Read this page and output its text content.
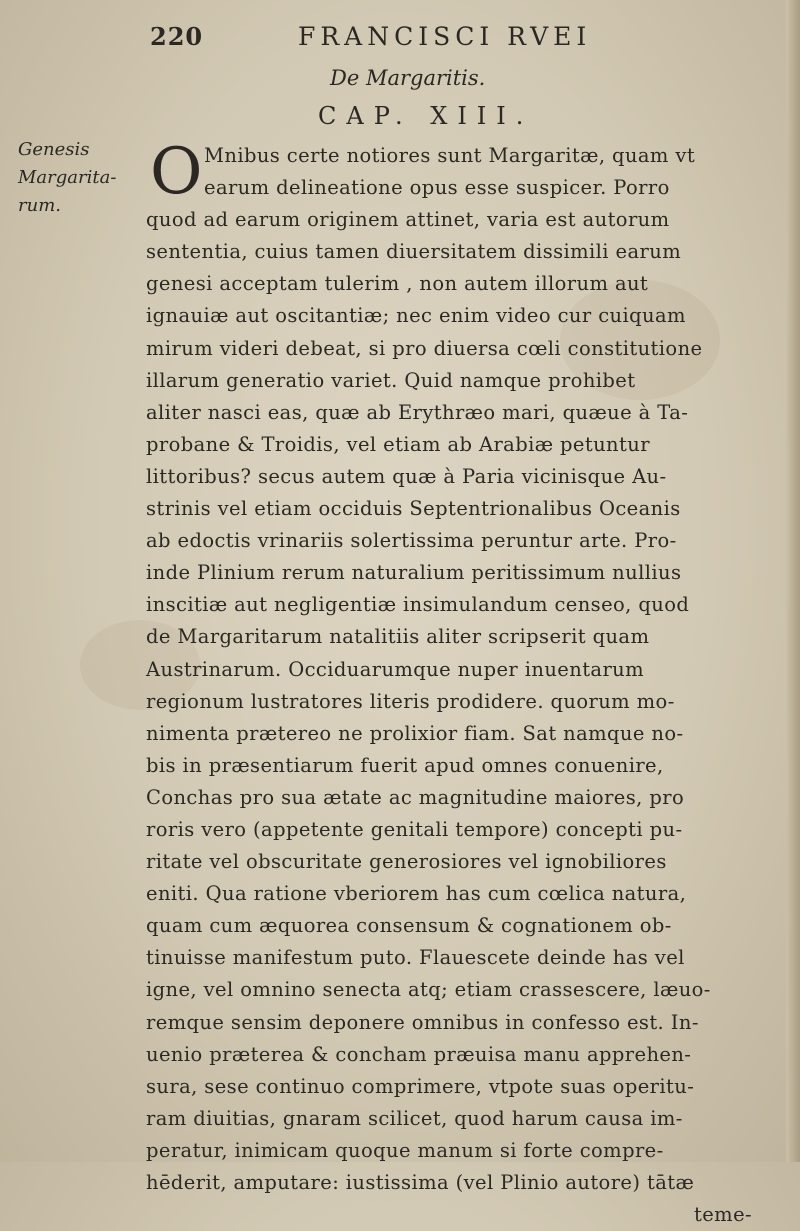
220	FRANCISCI RVEI
De Margaritis.
CAP. XIII.
Genesis
Margarita-
rum.	O Mnibus certe notiores sunt Margaritæ, quam vt
earum delineatione opus esse suspicer. Porro
quod ad earum originem attinet, varia est autorum
sententia, cuius tamen diuersitatem dissimili earum
genesi acceptam tulerim , non autem illorum aut
ignauiæ aut oscitantiæ; nec enim video cur cuiquam
mirum videri debeat, si pro diuersa cœli constitutione
illarum generatio variet. Quid namque prohibet
aliter nasci eas, quæ ab Erythræo mari, quæue à Ta-
probane & Troidis, vel etiam ab Arabiæ petuntur
littoribus? secus autem quæ à Paria vicinisque Au-
strinis vel etiam occiduis Septentrionalibus Oceanis
ab edoctis vrinariis solertissima peruntur arte. Pro-
inde Plinium rerum naturalium peritissimum nullius
inscitiæ aut negligentiæ insimulandum censeo, quod
de Margaritarum natalitiis aliter scripserit quam
Austrinarum. Occiduarumque nuper inuentarum
regionum lustratores literis prodidere. quorum mo-
nimenta prætereo ne prolixior fiam. Sat namque no-
bis in præsentiarum fuerit apud omnes conuenire,
Conchas pro sua ætate ac magnitudine maiores, pro
roris vero (appetente genitali tempore) concepti pu-
ritate vel obscuritate generosiores vel ignobiliores
eniti. Qua ratione vberiorem has cum cœlica natura,
quam cum æquorea consensum & cognationem ob-
tinuisse manifestum puto. Flauescete deinde has vel
igne, vel omnino senecta atq; etiam crassescere, læuo-
remque sensim deponere omnibus in confesso est. In-
uenio præterea & concham præuisa manu apprehen-
sura, sese continuo comprimere, vtpote suas operitu-
ram diuitias, gnaram scilicet, quod harum causa im-
peratur, inimicam quoque manum si forte compre-
hēderit, amputare: iustissima (vel Plinio autore) tātæ
teme-
